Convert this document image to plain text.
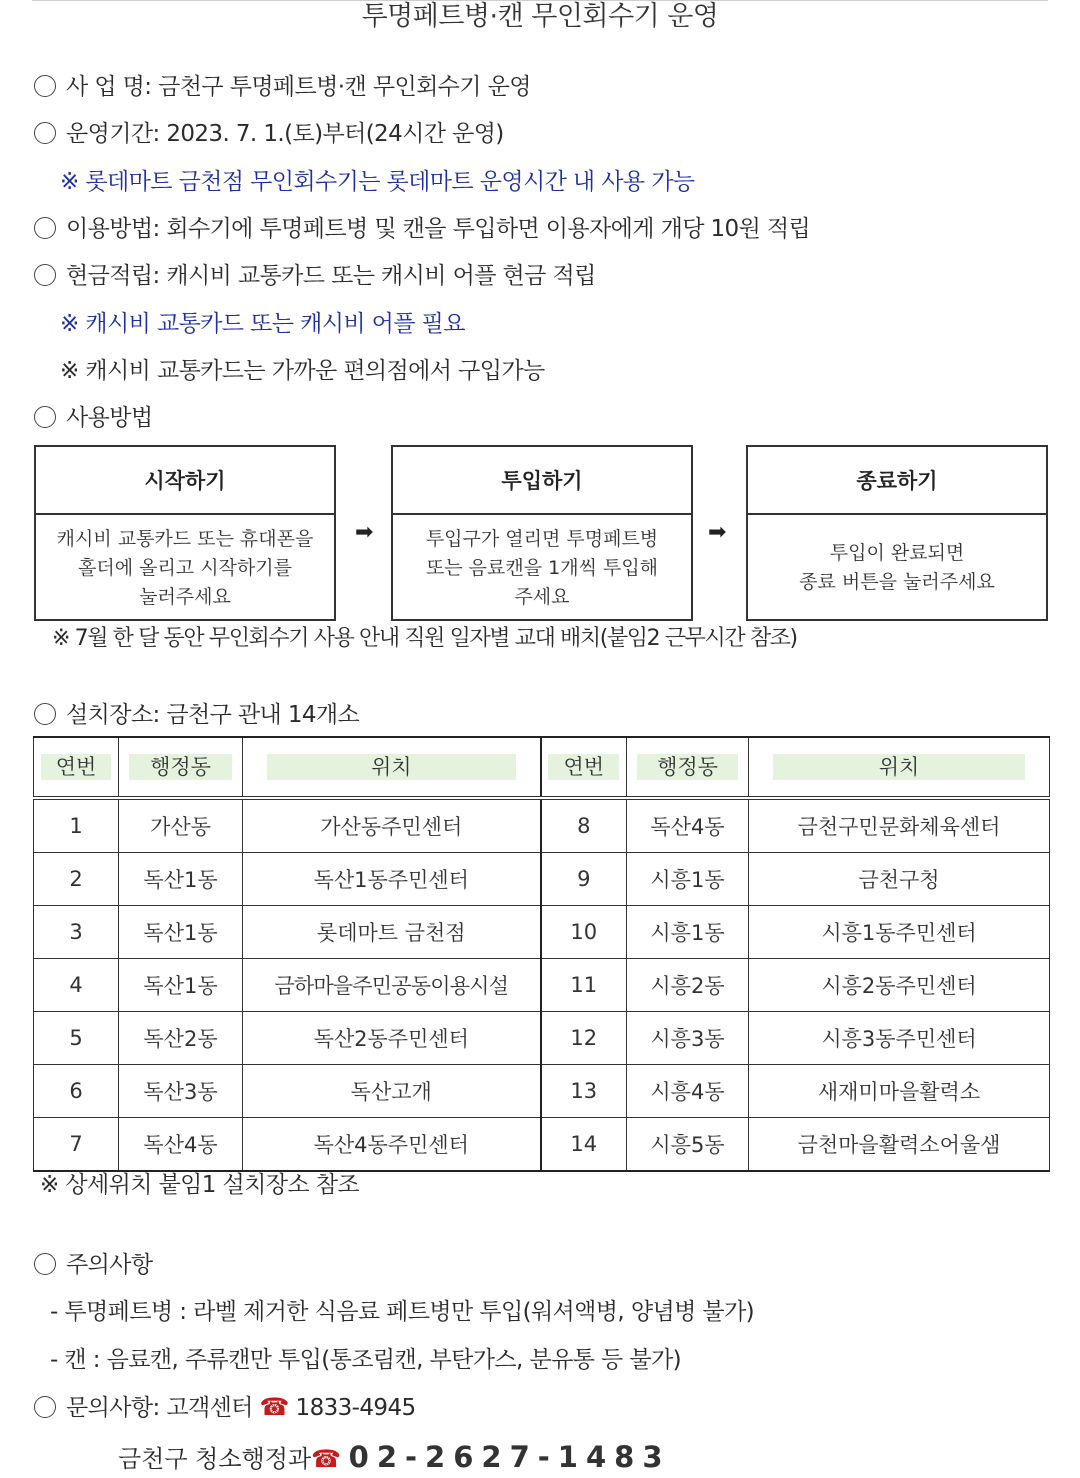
투명페트병·캔 무인회수기 운영
사 업 명: 금천구 투명페트병·캔 무인회수기 운영
운영기간: 2023. 7. 1.(토)부터(24시간 운영)
※ 롯데마트 금천점 무인회수기는 롯데마트 운영시간 내 사용 가능
이용방법: 회수기에 투명페트병 및 캔을 투입하면 이용자에게 개당 10원 적립
현금적립: 캐시비 교통카드 또는 캐시비 어플 현금 적립
※ 캐시비 교통카드 또는 캐시비 어플 필요
※ 캐시비 교통카드는 가까운 편의점에서 구입가능
사용방법
시작하기
캐시비 교통카드 또는 휴대폰을
홀더에 올리고 시작하기를
눌러주세요
➡
투입하기
투입구가 열리면 투명페트병
또는 음료캔을 1개씩 투입해
주세요
➡
종료하기
투입이 완료되면
종료 버튼을 눌러주세요
※ 7월 한 달 동안 무인회수기 사용 안내 직원 일자별 교대 배치(붙임2 근무시간 참조)
설치장소: 금천구 관내 14개소
연번	행정동	위치	연번	행정동	위치
1	가산동	가산동주민센터	8	독산4동	금천구민문화체육센터
2	독산1동	독산1동주민센터	9	시흥1동	금천구청
3	독산1동	롯데마트 금천점	10	시흥1동	시흥1동주민센터
4	독산1동	금하마을주민공동이용시설	11	시흥2동	시흥2동주민센터
5	독산2동	독산2동주민센터	12	시흥3동	시흥3동주민센터
6	독산3동	독산고개	13	시흥4동	새재미마을활력소
7	독산4동	독산4동주민센터	14	시흥5동	금천마을활력소어울샘
※ 상세위치 붙임1 설치장소 참조
주의사항
- 투명페트병 : 라벨 제거한 식음료 페트병만 투입(워셔액병, 양념병 불가)
- 캔 : 음료캔, 주류캔만 투입(통조림캔, 부탄가스, 분유통 등 불가)
문의사항: 고객센터 ☎ 1833-4945
금천구 청소행정과☎ 02-2627-1483
